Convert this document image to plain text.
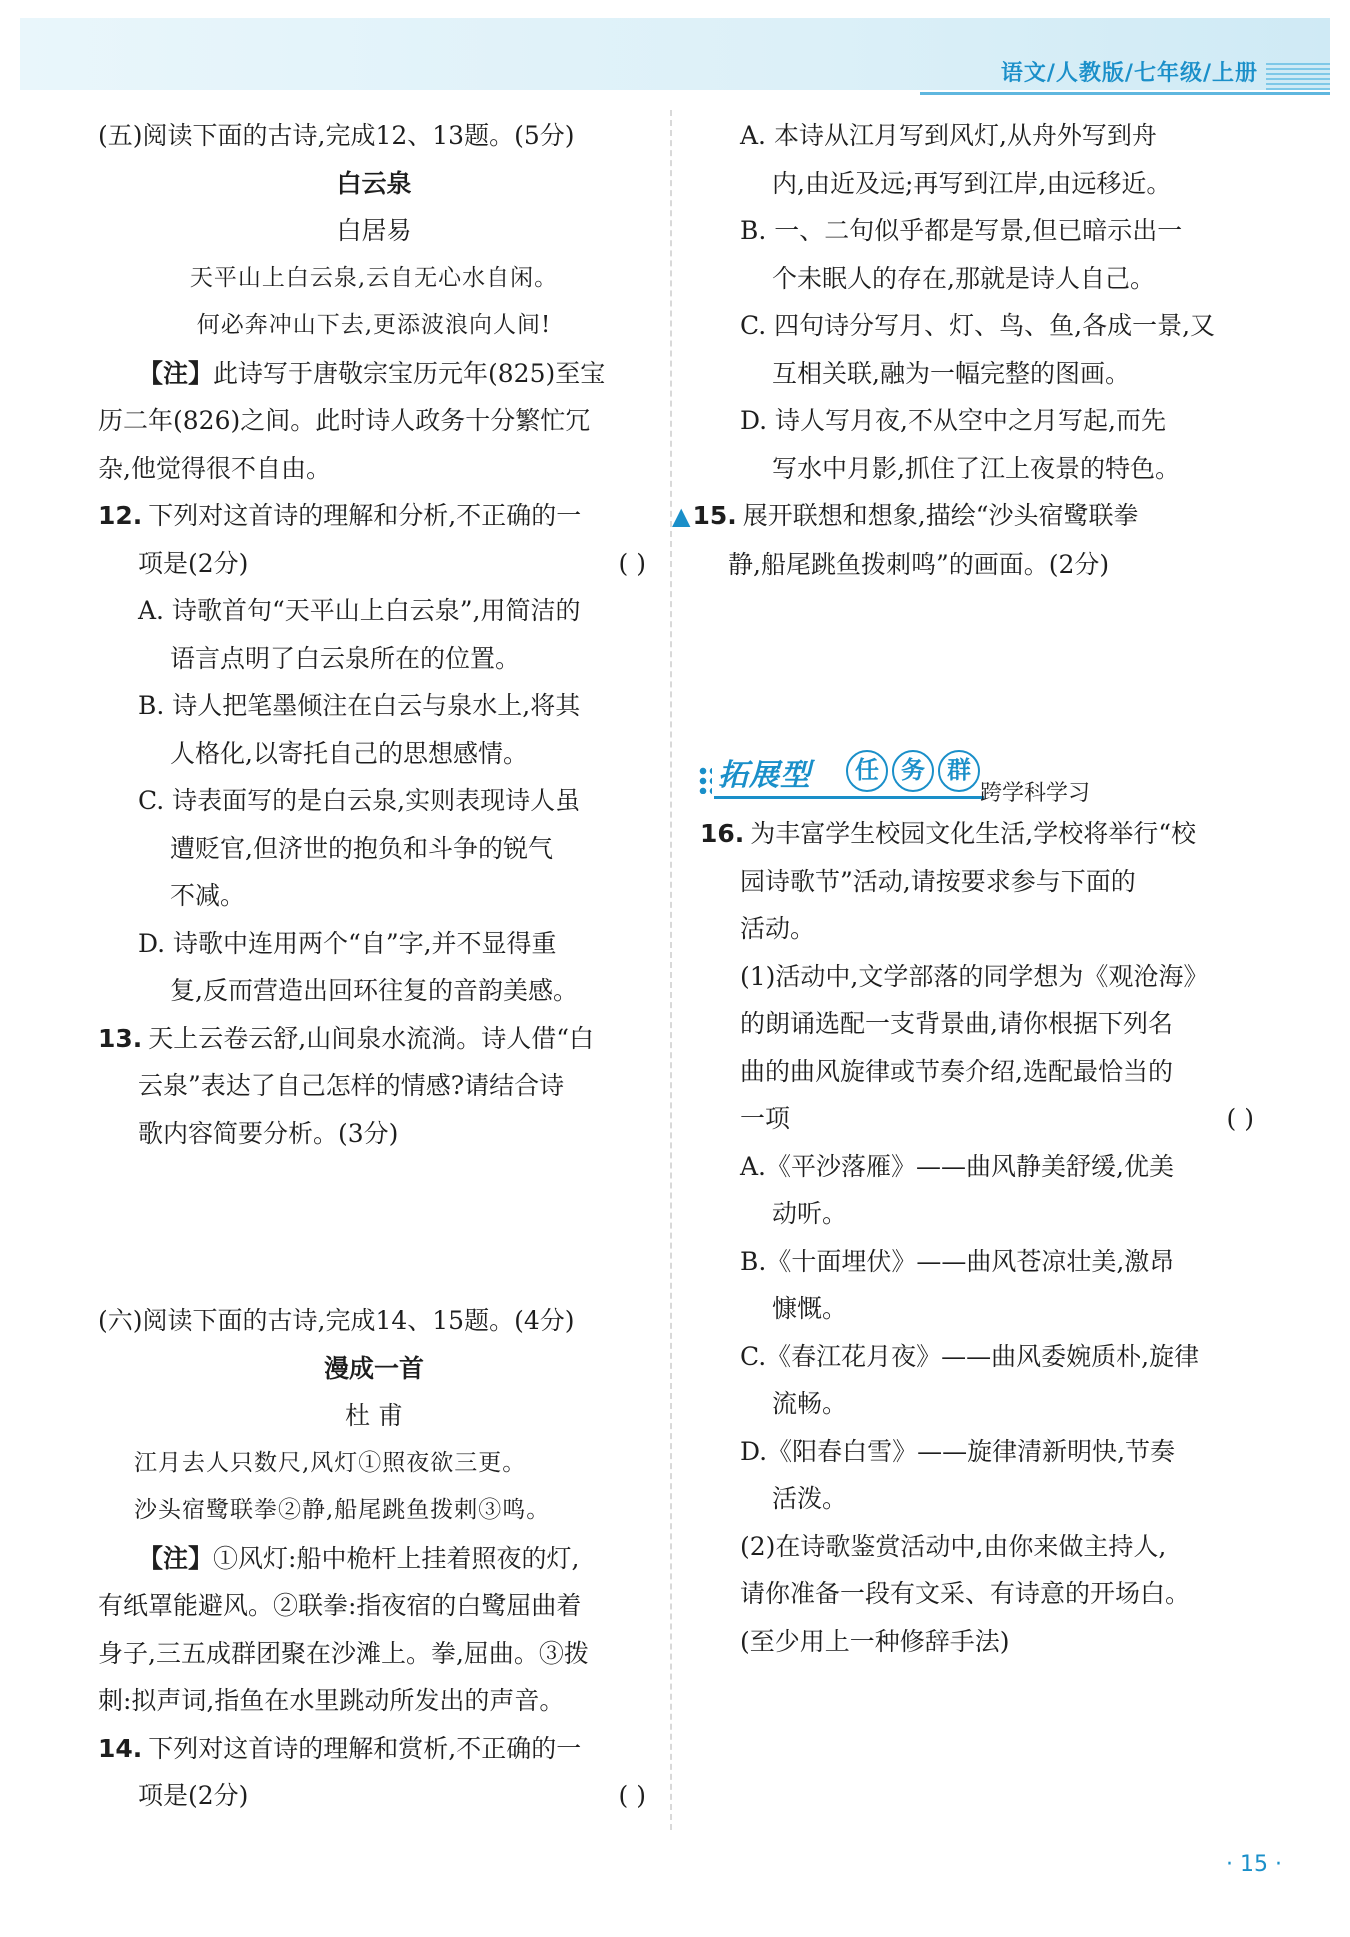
语文/人教版/七年级/上册
(五)阅读下面的古诗,完成12、13题。(5分)
白云泉
白居易
天平山上白云泉,云自无心水自闲。
何必奔冲山下去,更添波浪向人间!
【注】此诗写于唐敬宗宝历元年(825)至宝
历二年(826)之间。此时诗人政务十分繁忙冗
杂,他觉得很不自由。
12. 下列对这首诗的理解和分析,不正确的一
项是(2分)	( )
A. 诗歌首句“天平山上白云泉”,用简洁的
语言点明了白云泉所在的位置。
B. 诗人把笔墨倾注在白云与泉水上,将其
人格化,以寄托自己的思想感情。
C. 诗表面写的是白云泉,实则表现诗人虽
遭贬官,但济世的抱负和斗争的锐气
不减。
D. 诗歌中连用两个“自”字,并不显得重
复,反而营造出回环往复的音韵美感。
13. 天上云卷云舒,山间泉水流淌。诗人借“白
云泉”表达了自己怎样的情感?请结合诗
歌内容简要分析。(3分)
(六)阅读下面的古诗,完成14、15题。(4分)
漫成一首
杜 甫
江月去人只数尺,风灯①照夜欲三更。
沙头宿鹭联拳②静,船尾跳鱼拨剌③鸣。
【注】①风灯:船中桅杆上挂着照夜的灯,
有纸罩能避风。②联拳:指夜宿的白鹭屈曲着
身子,三五成群团聚在沙滩上。拳,屈曲。③拨
刺:拟声词,指鱼在水里跳动所发出的声音。
14. 下列对这首诗的理解和赏析,不正确的一
项是(2分)	( )
A. 本诗从江月写到风灯,从舟外写到舟
内,由近及远;再写到江岸,由远移近。
B. 一、二句似乎都是写景,但已暗示出一
个未眠人的存在,那就是诗人自己。
C. 四句诗分写月、灯、鸟、鱼,各成一景,又
互相关联,融为一幅完整的图画。
D. 诗人写月夜,不从空中之月写起,而先
写水中月影,抓住了江上夜景的特色。
▲15. 展开联想和想象,描绘“沙头宿鹭联拳
静,船尾跳鱼拨刺鸣”的画面。(2分)
拓展型	任 务 群
跨学科学习
16. 为丰富学生校园文化生活,学校将举行“校
园诗歌节”活动,请按要求参与下面的
活动。
(1)活动中,文学部落的同学想为《观沧海》
的朗诵选配一支背景曲,请你根据下列名
曲的曲风旋律或节奏介绍,选配最恰当的
一项	( )
A.《平沙落雁》——曲风静美舒缓,优美
动听。
B.《十面埋伏》——曲风苍凉壮美,激昂
慷慨。
C.《春江花月夜》——曲风委婉质朴,旋律
流畅。
D.《阳春白雪》——旋律清新明快,节奏
活泼。
(2)在诗歌鉴赏活动中,由你来做主持人,
请你准备一段有文采、有诗意的开场白。
(至少用上一种修辞手法)
· 15 ·
